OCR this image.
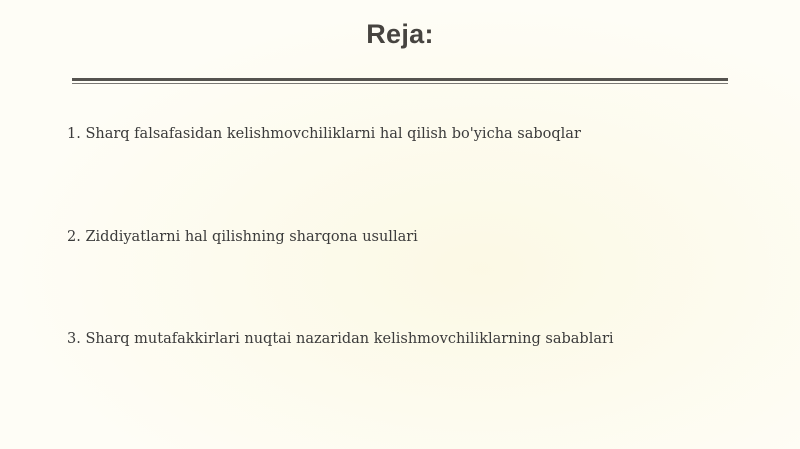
Reja:
1. Sharq falsafasidan kelishmovchiliklarni hal qilish bo'yicha saboqlar
2. Ziddiyatlarni hal qilishning sharqona usullari
3. Sharq mutafakkirlari nuqtai nazaridan kelishmovchiliklarning sabablari
